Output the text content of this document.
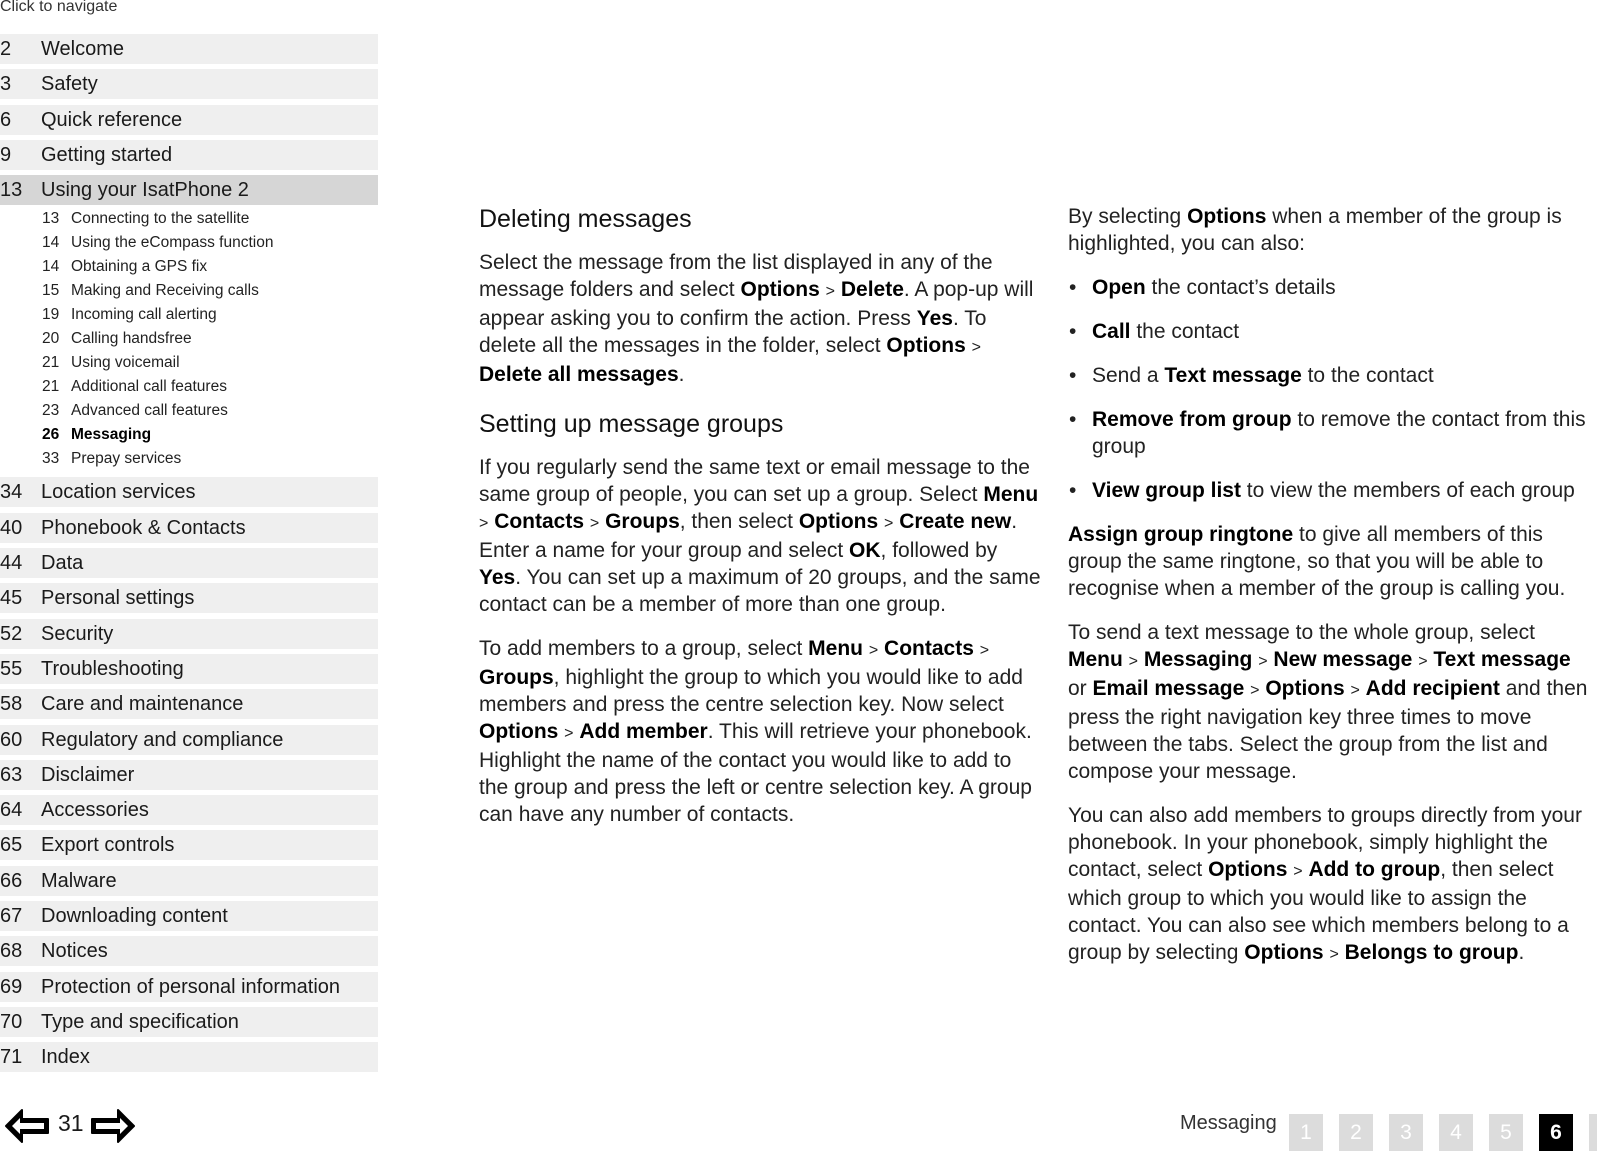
Click to navigate
2 Welcome
3 Safety
6 Quick reference
9 Getting started
13 Using your IsatPhone 2
13 Connecting to the satellite
14 Using the eCompass function
14 Obtaining a GPS fix
15 Making and Receiving calls
19 Incoming call alerting
20 Calling handsfree
21 Using voicemail
21 Additional call features
23 Advanced call features
26 Messaging
33 Prepay services
34 Location services
40 Phonebook & Contacts
44 Data
45 Personal settings
52 Security
55 Troubleshooting
58 Care and maintenance
60 Regulatory and compliance
63 Disclaimer
64 Accessories
65 Export controls
66 Malware
67 Downloading content
68 Notices
69 Protection of personal information
70 Type and specification
71 Index
Deleting messages

Select the message from the list displayed in any of the message folders and select Options > Delete. A pop-up will appear asking you to confirm the action. Press Yes. To delete all the messages in the folder, select Options > Delete all messages.

Setting up message groups

If you regularly send the same text or email message to the same group of people, you can set up a group. Select Menu > Contacts > Groups, then select Options > Create new. Enter a name for your group and select OK, followed by Yes. You can set up a maximum of 20 groups, and the same contact can be a member of more than one group.

To add members to a group, select Menu > Contacts > Groups, highlight the group to which you would like to add members and press the centre selection key. Now select Options > Add member. This will retrieve your phonebook. Highlight the name of the contact you would like to add to the group and press the left or centre selection key. A group can have any number of contacts.

By selecting Options when a member of the group is highlighted, you can also:

• Open the contact’s details
• Call the contact
• Send a Text message to the contact
• Remove from group to remove the contact from this group
• View group list to view the members of each group

Assign group ringtone to give all members of this group the same ringtone, so that you will be able to recognise when a member of the group is calling you.

To send a text message to the whole group, select Menu > Messaging > New message > Text message or Email message > Options > Add recipient and then press the right navigation key three times to move between the tabs. Select the group from the list and compose your message.

You can also add members to groups directly from your phonebook. In your phonebook, simply highlight the contact, select Options > Add to group, then select which group to which you would like to assign the contact. You can also see which members belong to a group by selecting Options > Belongs to group.

31	Messaging	1	2	3	4	5	6
